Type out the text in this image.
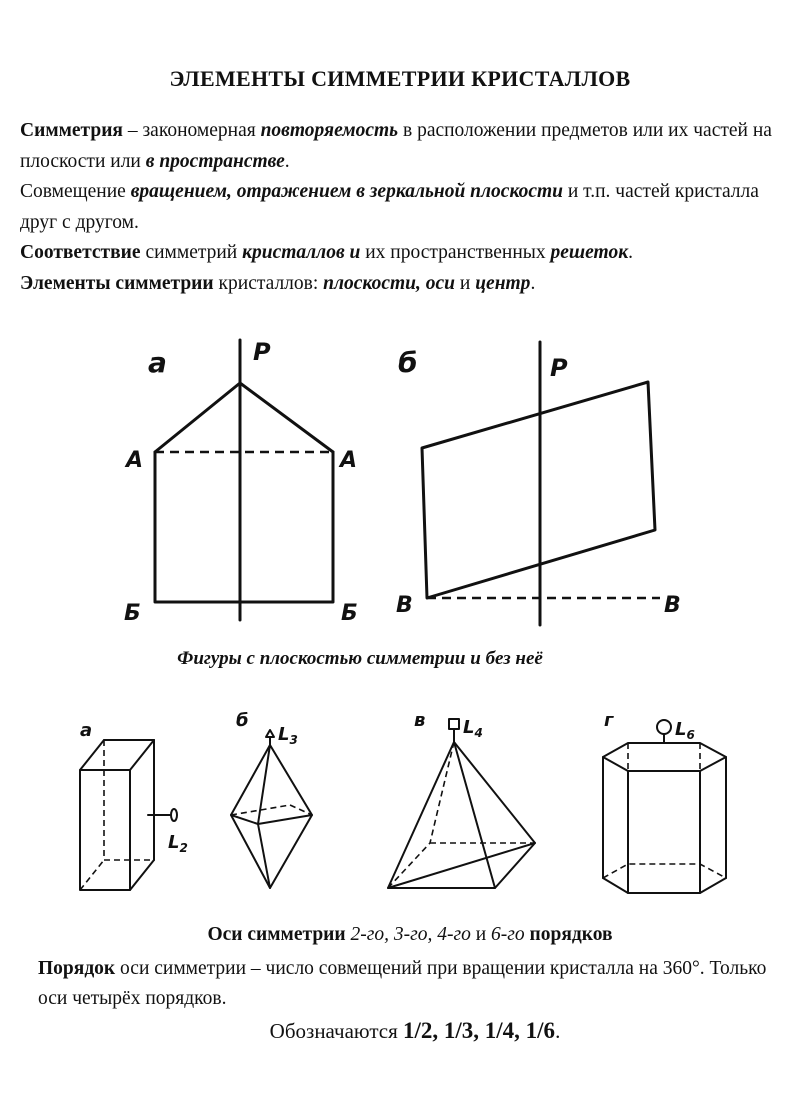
ЭЛЕМЕНТЫ СИММЕТРИИ КРИСТАЛЛОВ

Симметрия – закономерная повторяемость в расположении предметов или их частей на плоскости или в пространстве.

Совмещение вращением, отражением в зеркальной плоскости и т.п. частей кристалла друг с другом.

Соответствие симметрий кристаллов и их пространственных решеток.

Элементы симметрии кристаллов: плоскости, оси и центр.

а	Р
А	А
Б	Б
б	Р
В	В
а
$L_2$
б
$L_3$
в $L_4$
г	$L_6$
Фигуры с плоскостью симметрии и без неё
Оси симметрии 2-го, 3-го, 4-го и 6-го порядков

Порядок оси симметрии – число совмещений при вращении кристалла на 360°. Только оси четырёх порядков.

Обозначаются 1/2, 1/3, 1/4, 1/6.
